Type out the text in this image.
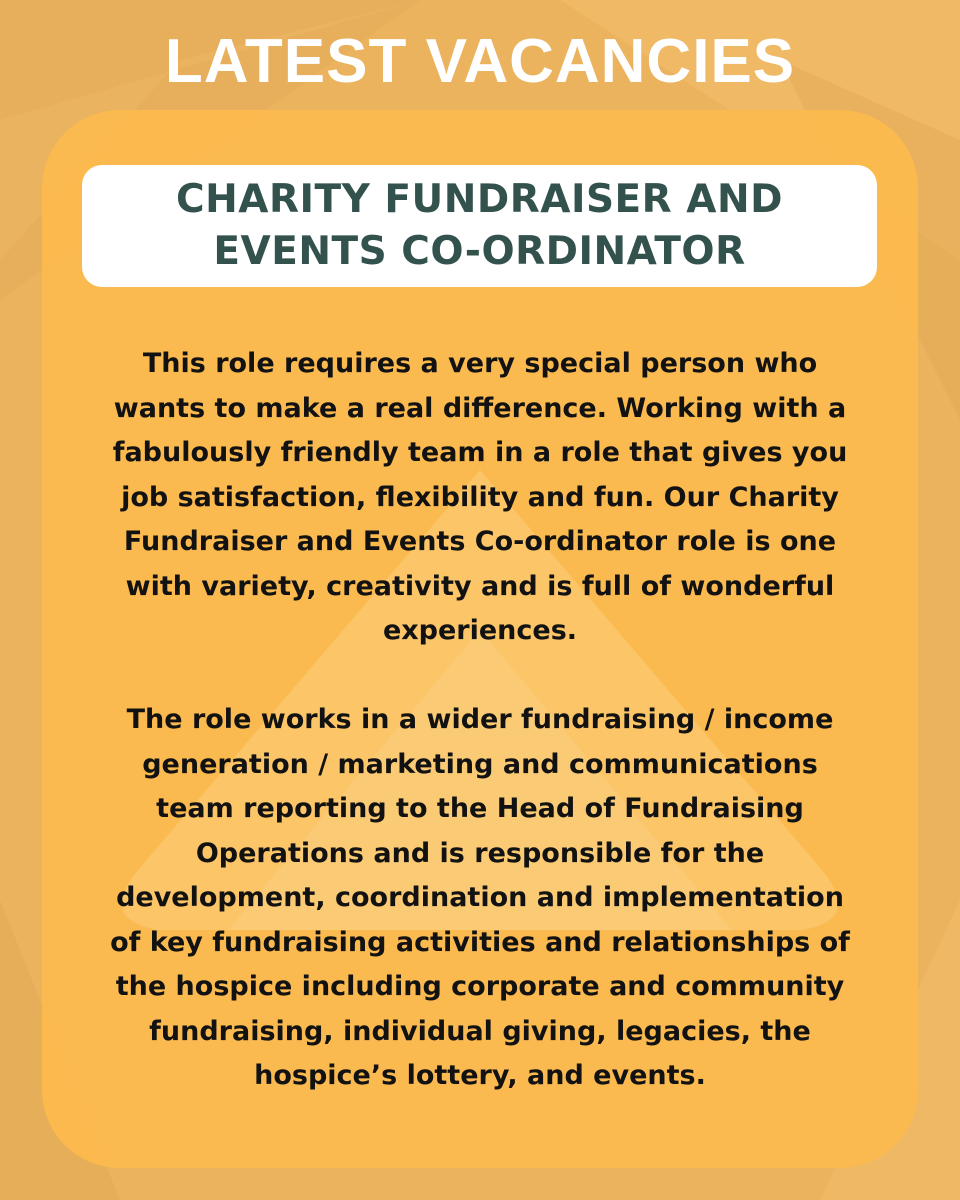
LATEST VACANCIES
CHARITY FUNDRAISER AND
EVENTS CO-ORDINATOR
This role requires a very special person who
wants to make a real difference. Working with a
fabulously friendly team in a role that gives you
job satisfaction, flexibility and fun. Our Charity
Fundraiser and Events Co-ordinator role is one
with variety, creativity and is full of wonderful
experiences.
The role works in a wider fundraising / income
generation / marketing and communications
team reporting to the Head of Fundraising
Operations and is responsible for the
development, coordination and implementation
of key fundraising activities and relationships of
the hospice including corporate and community
fundraising, individual giving, legacies, the
hospice’s lottery, and events.
